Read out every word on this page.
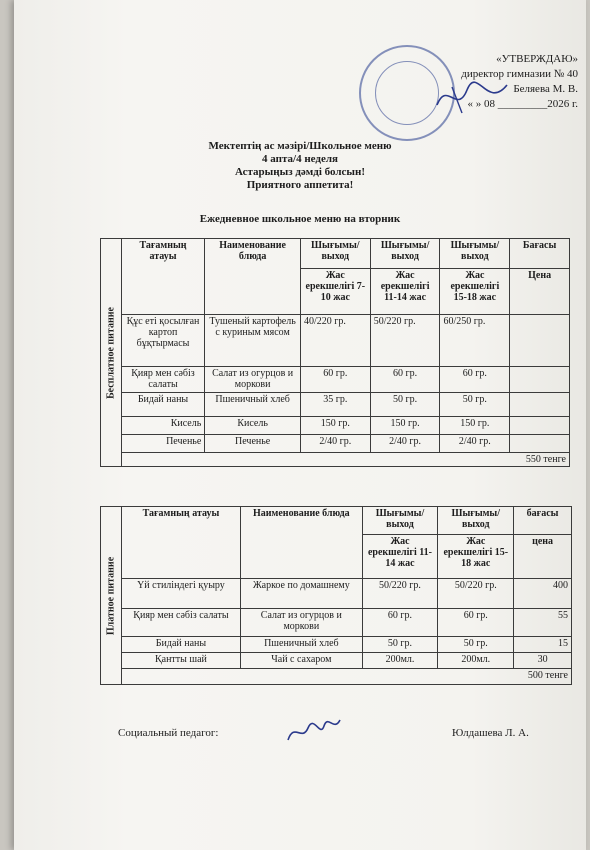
«УТВЕРЖДАЮ»
директор гимназии № 40
Беляева М. В.
« » 08 _________2026 г.
Мектептің ас мәзірі/Школьное меню
4 апта/4 неделя
Астарыңыз дәмді болсын!
Приятного аппетита!
Ежедневное школьное меню на вторник
Бесплатное питание	Тағамның атауы	Наименование блюда	Шығымы/ выход	Шығымы/ выход	Шығымы/ выход	Бағасы
			Жас ерекшелігі 7-10 жас	Жас ерекшелігі 11-14 жас	Жас ерекшелігі 15-18 жас	Цена
	Құс еті қосылған картоп бұқтырмасы	Тушеный картофель с куриным мясом	40/220 гр.	50/220 гр.	60/250 гр.	
	Қияр мен сәбіз салаты	Салат из огурцов и моркови	60 гр.	60 гр.	60 гр.	
	Бидай наны	Пшеничный хлеб	35 гр.	50 гр.	50 гр.	
	Кисель	Кисель	150 гр.	150 гр.	150 гр.	
	Печенье	Печенье	2/40 гр.	2/40 гр.	2/40 гр.	
	550 тенге					
Платное питание	Тағамның атауы	Наименование блюда	Шығымы/ выход	Шығымы/ выход	бағасы
			Жас ерекшелігі 11-14 жас	Жас ерекшелігі 15-18 жас	цена
	Үй стиліндегі қуыру	Жаркое по домашнему	50/220 гр.	50/220 гр.	400
	Қияр мен сәбіз салаты	Салат из огурцов и моркови	60 гр.	60 гр.	55
	Бидай наны	Пшеничный хлеб	50 гр.	50 гр.	15
	Қантты шай	Чай с сахаром	200мл.	200мл.	30
	500 тенге				
Социальный педагог:	Юлдашева Л. А.
